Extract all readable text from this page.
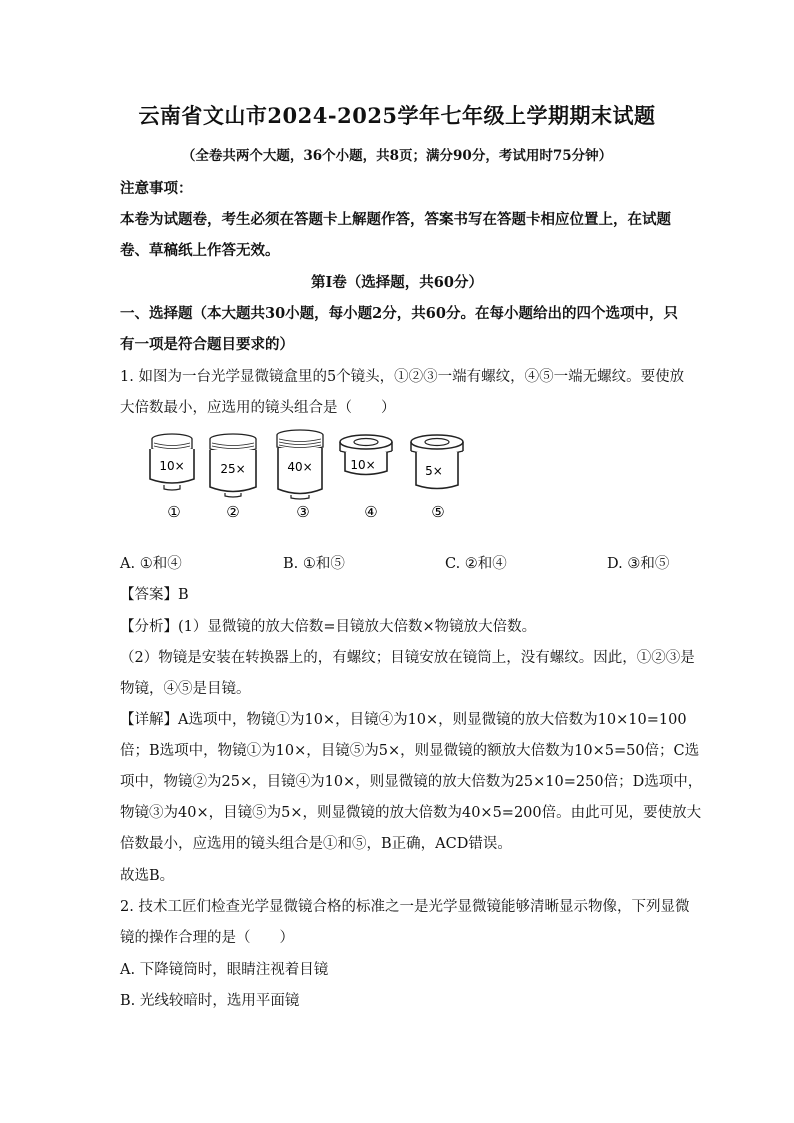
云南省文山市2024-2025学年七年级上学期期末试题
（全卷共两个大题，36个小题，共8页；满分90分，考试用时75分钟）
注意事项：
本卷为试题卷，考生必须在答题卡上解题作答，答案书写在答题卡相应位置上，在试题
卷、草稿纸上作答无效。
第Ⅰ卷（选择题，共60分）
一、选择题（本大题共30小题，每小题2分，共60分。在每小题给出的四个选项中，只
有一项是符合题目要求的）
1. 如图为一台光学显微镜盒里的5个镜头，①②③一端有螺纹，④⑤一端无螺纹。要使放
大倍数最小，应选用的镜头组合是（　　）
10×	25×	40×	10×	5×
①	②	③	④	⑤
A. ①和④	B. ①和⑤	C. ②和④	D. ③和⑤
【答案】B
【分析】(1）显微镜的放大倍数=目镜放大倍数×物镜放大倍数。
（2）物镜是安装在转换器上的，有螺纹；目镜安放在镜筒上，没有螺纹。因此，①②③是
物镜，④⑤是目镜。
【详解】A选项中，物镜①为10×，目镜④为10×，则显微镜的放大倍数为10×10=100
倍；B选项中，物镜①为10×，目镜⑤为5×，则显微镜的额放大倍数为10×5=50倍；C选
项中，物镜②为25×，目镜④为10×，则显微镜的放大倍数为25×10=250倍；D选项中，
物镜③为40×，目镜⑤为5×，则显微镜的放大倍数为40×5=200倍。由此可见，要使放大
倍数最小，应选用的镜头组合是①和⑤，B正确，ACD错误。
故选B。
2. 技术工匠们检查光学显微镜合格的标准之一是光学显微镜能够清晰显示物像，下列显微
镜的操作合理的是（　　）
A. 下降镜筒时，眼睛注视着目镜
B. 光线较暗时，选用平面镜
